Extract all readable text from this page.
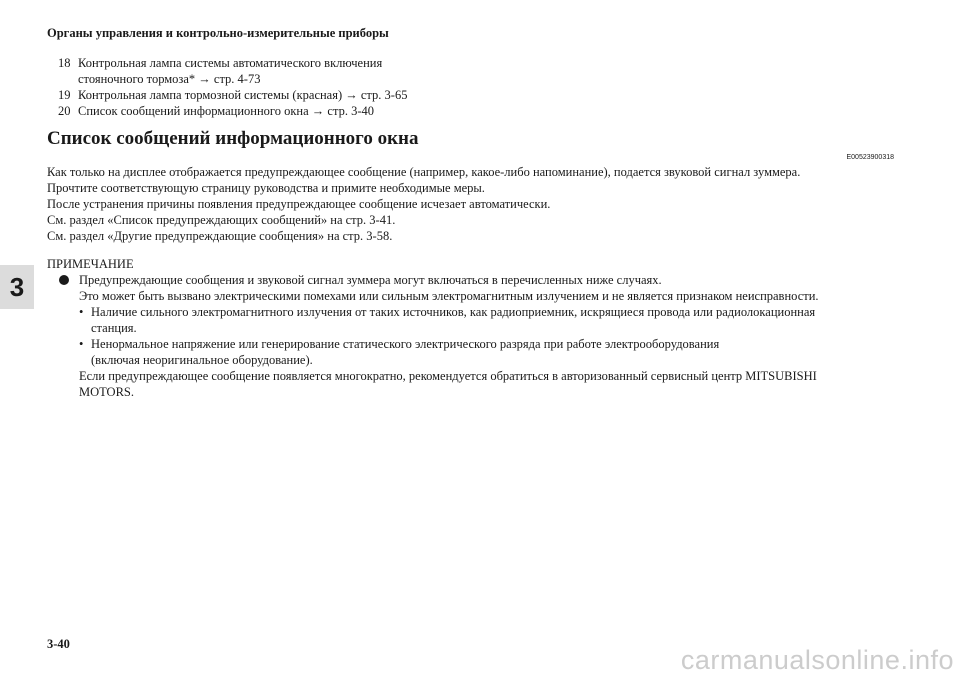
Органы управления и контрольно-измерительные приборы
3
18 Контрольная лампа системы автоматического включения
стояночного тормоза* → стр. 4-73
19 Контрольная лампа тормозной системы (красная) → стр. 3-65
20 Список сообщений информационного окна → стр. 3-40
Список сообщений информационного окна
E00523900318
Как только на дисплее отображается предупреждающее сообщение (например, какое-либо напоминание), подается звуковой сигнал зуммера.
Прочтите соответствующую страницу руководства и примите необходимые меры.
После устранения причины появления предупреждающее сообщение исчезает автоматически.
См. раздел «Список предупреждающих сообщений» на стр. 3-41.
См. раздел «Другие предупреждающие сообщения» на стр. 3-58.
ПРИМЕЧАНИЕ
Предупреждающие сообщения и звуковой сигнал зуммера могут включаться в перечисленных ниже случаях.
Это может быть вызвано электрическими помехами или сильным электромагнитным излучением и не является признаком неисправности.
• Наличие сильного электромагнитного излучения от таких источников, как радиоприемник, искрящиеся провода или радиолокационная
станция.
• Ненормальное напряжение или генерирование статического электрического разряда при работе электрооборудования
(включая неоригинальное оборудование).
Если предупреждающее сообщение появляется многократно, рекомендуется обратиться в авторизованный сервисный центр MITSUBISHI
MOTORS.
3-40
carmanualsonline.info
